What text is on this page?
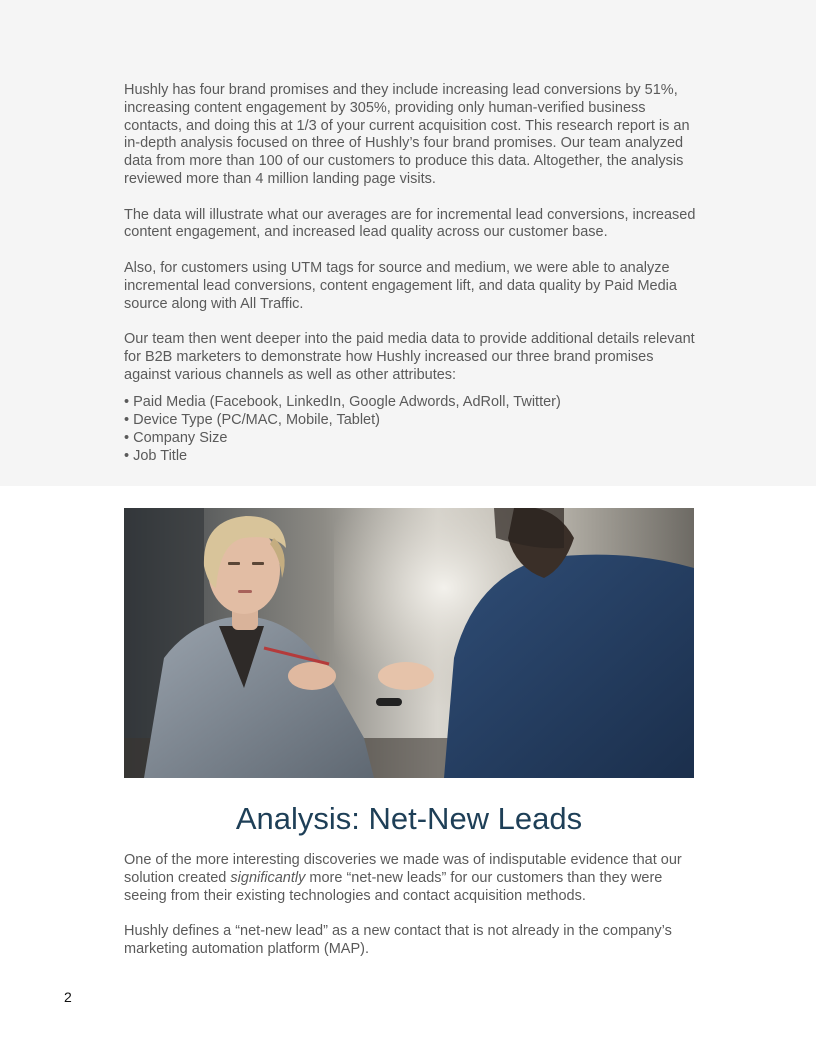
Hushly has four brand promises and they include increasing lead conversions by 51%, increasing content engagement by 305%, providing only human-verified business contacts, and doing this at 1/3 of your current acquisition cost. This research report is an in-depth analysis focused on three of Hushly’s four brand promises. Our team analyzed data from more than 100 of our customers to produce this data. Altogether, the analysis reviewed more than 4 million landing page visits.

The data will illustrate what our averages are for incremental lead conversions, increased content engagement, and increased lead quality across our customer base.

Also, for customers using UTM tags for source and medium, we were able to analyze incremental lead conversions, content engagement lift, and data quality by Paid Media source along with All Traffic.

Our team then went deeper into the paid media data to provide additional details relevant for B2B marketers to demonstrate how Hushly increased our three brand promises against various channels as well as other attributes:

• Paid Media (Facebook, LinkedIn, Google Adwords, AdRoll, Twitter)
• Device Type (PC/MAC, Mobile, Tablet)
• Company Size
• Job Title
Analysis: Net-New Leads

One of the more interesting discoveries we made was of indisputable evidence that our solution created significantly more “net-new leads” for our customers than they were seeing from their existing technologies and contact acquisition methods.

Hushly defines a “net-new lead” as a new contact that is not already in the company’s marketing automation platform (MAP).

2
